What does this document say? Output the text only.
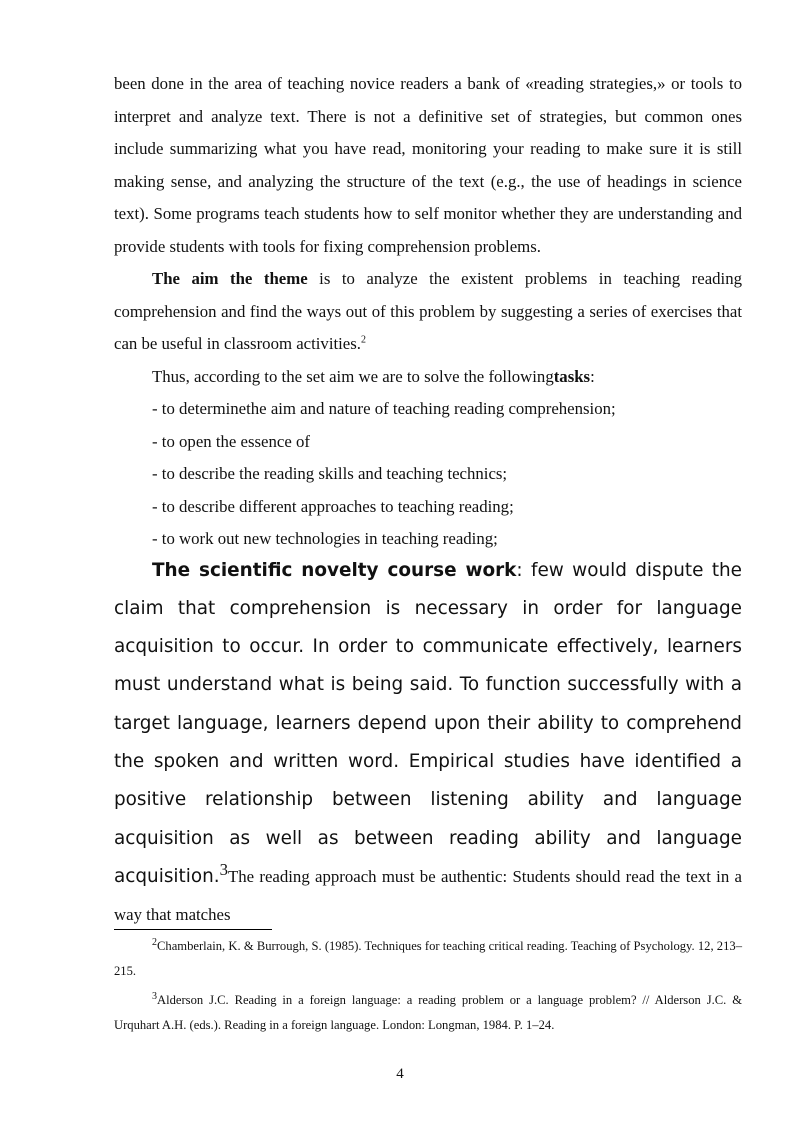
been done in the area of teaching novice readers a bank of «reading strategies,» or tools to interpret and analyze text. There is not a definitive set of strategies, but common ones include summarizing what you have read, monitoring your reading to make sure it is still making sense, and analyzing the structure of the text (e.g., the use of headings in science text). Some programs teach students how to self monitor whether they are understanding and provide students with tools for fixing comprehension problems.

The aim the theme is to analyze the existent problems in teaching reading comprehension and find the ways out of this problem by suggesting a series of exercises that can be useful in classroom activities.$^2$

Thus, according to the set aim we are to solve the followingtasks:

- to determinethe aim and nature of teaching reading comprehension;

- to open the essence of

- to describe the reading skills and teaching technics;

- to describe different approaches to teaching reading;

- to work out new technologies in teaching reading;

The scientific novelty course work: few would dispute the claim that comprehension is necessary in order for language acquisition to occur. In order to communicate effectively, learners must understand what is being said. To function successfully with a target language, learners depend upon their ability to comprehend the spoken and written word. Empirical studies have identified a positive relationship between listening ability and language acquisition as well as between reading ability and language acquisition.$^3$The reading approach must be authentic: Students should read the text in a way that matches

$^2$Chamberlain, K. & Burrough, S. (1985). Techniques for teaching critical reading. Teaching of Psychology. 12, 213–215.

$^3$Alderson J.C. Reading in a foreign language: a reading problem or a language problem? // Alderson J.C. & Urquhart A.H. (eds.). Reading in a foreign language. London: Longman, 1984. P. 1–24.

4
